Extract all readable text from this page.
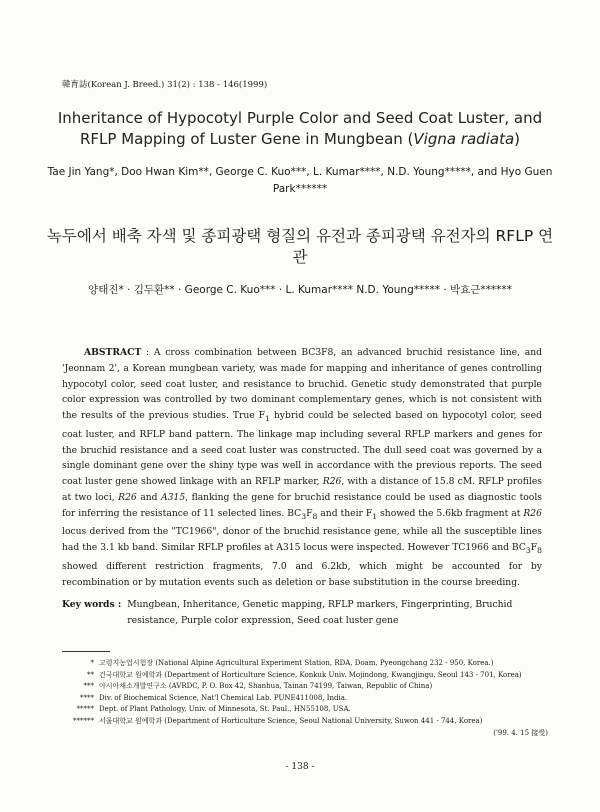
韓育誌(Korean J. Breed.) 31(2) : 138 - 146(1999)
Inheritance of Hypocotyl Purple Color and Seed Coat Luster, and RFLP Mapping of Luster Gene in Mungbean (Vigna radiata)
Tae Jin Yang*, Doo Hwan Kim**, George C. Kuo***, L. Kumar****, N.D. Young*****, and Hyo Guen Park******
녹두에서 배축 자색 및 종피광택 형질의 유전과 종피광택 유전자의 RFLP 연관
양태진* · 김두환** · George C. Kuo*** · L. Kumar**** N.D. Young***** · 박효근******
ABSTRACT : A cross combination between BC3F8, an advanced bruchid resistance line, and 'Jeonnam 2', a Korean mungbean variety, was made for mapping and inheritance of genes controlling hypocotyl color, seed coat luster, and resistance to bruchid. Genetic study demonstrated that purple color expression was controlled by two dominant complementary genes, which is not consistent with the results of the previous studies. True $F_1$ hybrid could be selected based on hypocotyl color, seed coat luster, and RFLP band pattern. The linkage map including several RFLP markers and genes for the bruchid resistance and a seed coat luster was constructed. The dull seed coat was governed by a single dominant gene over the shiny type was well in accordance with the previous reports. The seed coat luster gene showed linkage with an RFLP marker, R26, with a distance of 15.8 cM. RFLP profiles at two loci, R26 and A315, flanking the gene for bruchid resistance could be used as diagnostic tools for inferring the resistance of 11 selected lines. $BC_3F_8$ and their $F_1$ showed the 5.6kb fragment at R26 locus derived from the "TC1966", donor of the bruchid resistance gene, while all the susceptible lines had the 3.1 kb band. Similar RFLP profiles at A315 locus were inspected. However TC1966 and $BC_3F_8$ showed different restriction fragments, 7.0 and 6.2kb, which might be accounted for by recombination or by mutation events such as deletion or base substitution in the course breeding.
Key words : Mungbean, Inheritance, Genetic mapping, RFLP markers, Fingerprinting, Bruchid resistance, Purple color expression, Seed coat luster gene
* 고령지농업시험장 (National Alpine Agricultural Experiment Station, RDA, Doam, Pyeongchang 232 - 950, Korea.)
** 건국대학교 원예학과 (Department of Horticulture Science, Konkuk Univ. Mojindong, Kwangjingu, Seoul 143 - 701, Korea)
*** 아시아채소개발연구소 (AVRDC, P. O. Box 42, Shanhua, Tainan 74199, Taiwan, Republic of China)
**** Div. of Biochemical Science, Nat'l Chemical Lab. PUNE411008, India.
***** Dept. of Plant Pathology, Univ. of Minnesota, St. Paul., HN55108, USA.
****** 서울대학교 원예학과 (Department of Horticulture Science, Seoul National University, Suwon 441 - 744, Korea)
('99. 4. 15 接受)
- 138 -
